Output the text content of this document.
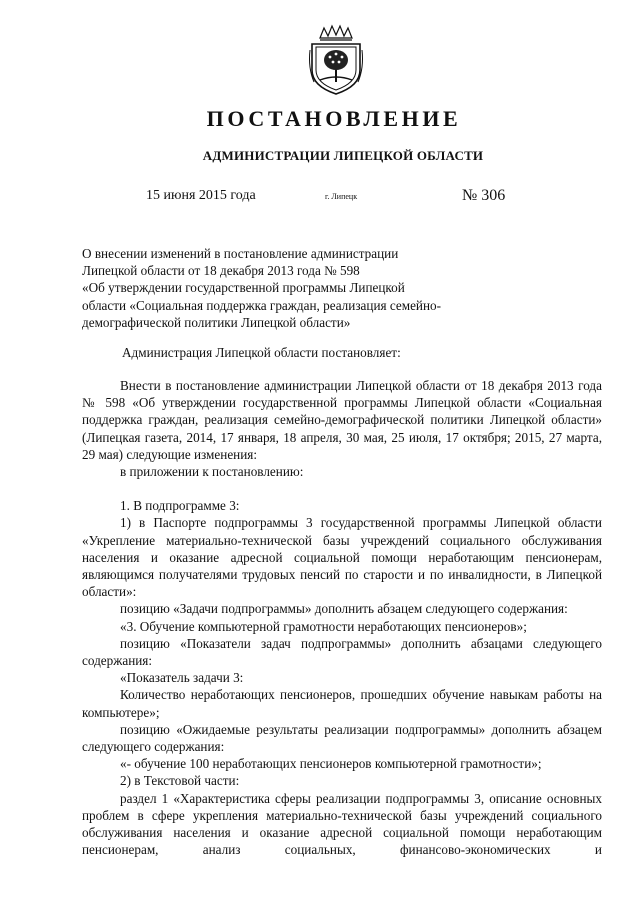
ПОСТАНОВЛЕНИЕ
АДМИНИСТРАЦИИ ЛИПЕЦКОЙ ОБЛАСТИ
15 июня 2015 года	г. Липецк	№ 306
О внесении изменений в постановление администрации
Липецкой области от 18 декабря 2013 года № 598
«Об утверждении государственной программы Липецкой
области «Социальная поддержка граждан, реализация семейно-
демографической политики Липецкой области»
Администрация Липецкой области постановляет:
Внести в постановление администрации Липецкой области от 18 декабря 2013 года № 598 «Об утверждении государственной программы Липецкой области «Социальная поддержка граждан, реализация семейно-демографической политики Липецкой области» (Липецкая газета, 2014, 17 января, 18 апреля, 30 мая, 25 июля, 17 октября; 2015, 27 марта, 29 мая) следующие изменения:
в приложении к постановлению:
1. В подпрограмме 3:
1) в Паспорте подпрограммы 3 государственной программы Липецкой области «Укрепление материально-технической базы учреждений социального обслуживания населения и оказание адресной социальной помощи неработающим пенсионерам, являющимся получателями трудовых пенсий по старости и по инвалидности, в Липецкой области»:
позицию «Задачи подпрограммы» дополнить абзацем следующего содержания:
«3. Обучение компьютерной грамотности неработающих пенсионеров»;
позицию «Показатели задач подпрограммы» дополнить абзацами следующего содержания:
«Показатель задачи 3:
Количество неработающих пенсионеров, прошедших обучение навыкам работы на компьютере»;
позицию «Ожидаемые результаты реализации подпрограммы» дополнить абзацем следующего содержания:
«- обучение 100 неработающих пенсионеров компьютерной грамотности»;
2) в Текстовой части:
раздел 1 «Характеристика сферы реализации подпрограммы 3, описание основных проблем в сфере укрепления материально-технической базы учреждений социального обслуживания населения и оказание адресной социальной помощи неработающим пенсионерам, анализ социальных, финансово-экономических и
